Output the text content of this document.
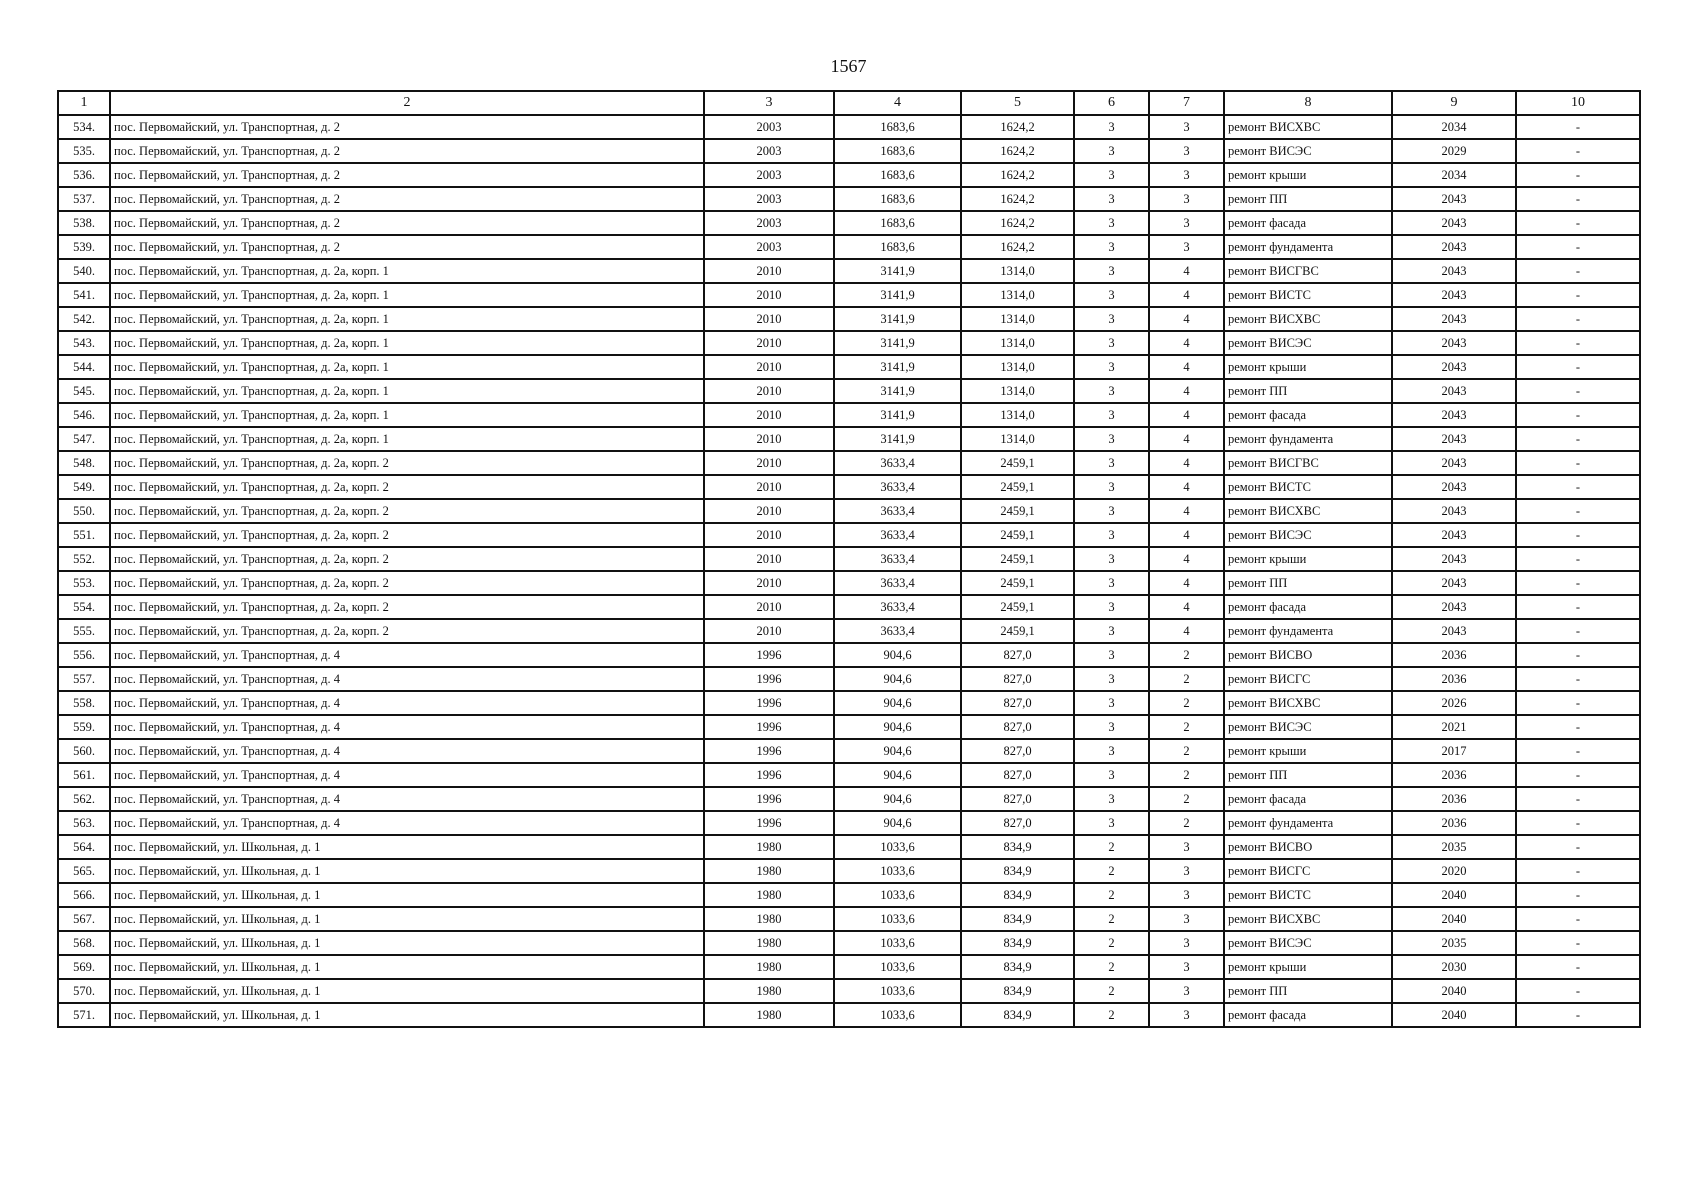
1567
1	2	3	4	5	6	7	8	9	10
534.	пос. Первомайский, ул. Транспортная, д. 2	2003	1683,6	1624,2	3	3	ремонт ВИСХВС	2034	-
535.	пос. Первомайский, ул. Транспортная, д. 2	2003	1683,6	1624,2	3	3	ремонт ВИСЭС	2029	-
536.	пос. Первомайский, ул. Транспортная, д. 2	2003	1683,6	1624,2	3	3	ремонт крыши	2034	-
537.	пос. Первомайский, ул. Транспортная, д. 2	2003	1683,6	1624,2	3	3	ремонт ПП	2043	-
538.	пос. Первомайский, ул. Транспортная, д. 2	2003	1683,6	1624,2	3	3	ремонт фасада	2043	-
539.	пос. Первомайский, ул. Транспортная, д. 2	2003	1683,6	1624,2	3	3	ремонт фундамента	2043	-
540.	пос. Первомайский, ул. Транспортная, д. 2а, корп. 1	2010	3141,9	1314,0	3	4	ремонт ВИСГВС	2043	-
541.	пос. Первомайский, ул. Транспортная, д. 2а, корп. 1	2010	3141,9	1314,0	3	4	ремонт ВИСТС	2043	-
542.	пос. Первомайский, ул. Транспортная, д. 2а, корп. 1	2010	3141,9	1314,0	3	4	ремонт ВИСХВС	2043	-
543.	пос. Первомайский, ул. Транспортная, д. 2а, корп. 1	2010	3141,9	1314,0	3	4	ремонт ВИСЭС	2043	-
544.	пос. Первомайский, ул. Транспортная, д. 2а, корп. 1	2010	3141,9	1314,0	3	4	ремонт крыши	2043	-
545.	пос. Первомайский, ул. Транспортная, д. 2а, корп. 1	2010	3141,9	1314,0	3	4	ремонт ПП	2043	-
546.	пос. Первомайский, ул. Транспортная, д. 2а, корп. 1	2010	3141,9	1314,0	3	4	ремонт фасада	2043	-
547.	пос. Первомайский, ул. Транспортная, д. 2а, корп. 1	2010	3141,9	1314,0	3	4	ремонт фундамента	2043	-
548.	пос. Первомайский, ул. Транспортная, д. 2а, корп. 2	2010	3633,4	2459,1	3	4	ремонт ВИСГВС	2043	-
549.	пос. Первомайский, ул. Транспортная, д. 2а, корп. 2	2010	3633,4	2459,1	3	4	ремонт ВИСТС	2043	-
550.	пос. Первомайский, ул. Транспортная, д. 2а, корп. 2	2010	3633,4	2459,1	3	4	ремонт ВИСХВС	2043	-
551.	пос. Первомайский, ул. Транспортная, д. 2а, корп. 2	2010	3633,4	2459,1	3	4	ремонт ВИСЭС	2043	-
552.	пос. Первомайский, ул. Транспортная, д. 2а, корп. 2	2010	3633,4	2459,1	3	4	ремонт крыши	2043	-
553.	пос. Первомайский, ул. Транспортная, д. 2а, корп. 2	2010	3633,4	2459,1	3	4	ремонт ПП	2043	-
554.	пос. Первомайский, ул. Транспортная, д. 2а, корп. 2	2010	3633,4	2459,1	3	4	ремонт фасада	2043	-
555.	пос. Первомайский, ул. Транспортная, д. 2а, корп. 2	2010	3633,4	2459,1	3	4	ремонт фундамента	2043	-
556.	пос. Первомайский, ул. Транспортная, д. 4	1996	904,6	827,0	3	2	ремонт ВИСВО	2036	-
557.	пос. Первомайский, ул. Транспортная, д. 4	1996	904,6	827,0	3	2	ремонт ВИСГС	2036	-
558.	пос. Первомайский, ул. Транспортная, д. 4	1996	904,6	827,0	3	2	ремонт ВИСХВС	2026	-
559.	пос. Первомайский, ул. Транспортная, д. 4	1996	904,6	827,0	3	2	ремонт ВИСЭС	2021	-
560.	пос. Первомайский, ул. Транспортная, д. 4	1996	904,6	827,0	3	2	ремонт крыши	2017	-
561.	пос. Первомайский, ул. Транспортная, д. 4	1996	904,6	827,0	3	2	ремонт ПП	2036	-
562.	пос. Первомайский, ул. Транспортная, д. 4	1996	904,6	827,0	3	2	ремонт фасада	2036	-
563.	пос. Первомайский, ул. Транспортная, д. 4	1996	904,6	827,0	3	2	ремонт фундамента	2036	-
564.	пос. Первомайский, ул. Школьная, д. 1	1980	1033,6	834,9	2	3	ремонт ВИСВО	2035	-
565.	пос. Первомайский, ул. Школьная, д. 1	1980	1033,6	834,9	2	3	ремонт ВИСГС	2020	-
566.	пос. Первомайский, ул. Школьная, д. 1	1980	1033,6	834,9	2	3	ремонт ВИСТС	2040	-
567.	пос. Первомайский, ул. Школьная, д. 1	1980	1033,6	834,9	2	3	ремонт ВИСХВС	2040	-
568.	пос. Первомайский, ул. Школьная, д. 1	1980	1033,6	834,9	2	3	ремонт ВИСЭС	2035	-
569.	пос. Первомайский, ул. Школьная, д. 1	1980	1033,6	834,9	2	3	ремонт крыши	2030	-
570.	пос. Первомайский, ул. Школьная, д. 1	1980	1033,6	834,9	2	3	ремонт ПП	2040	-
571.	пос. Первомайский, ул. Школьная, д. 1	1980	1033,6	834,9	2	3	ремонт фасада	2040	-
